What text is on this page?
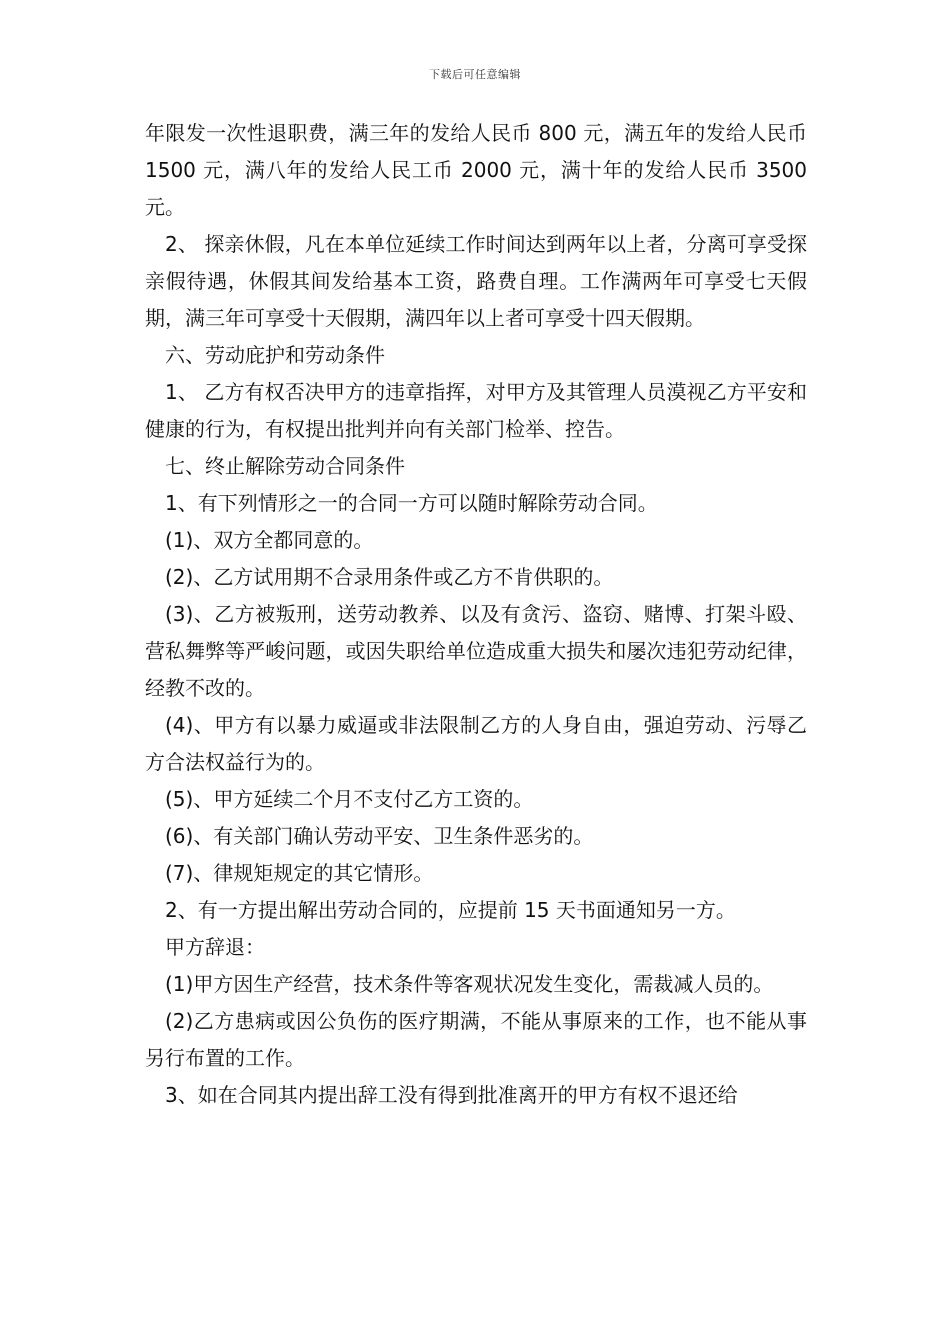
下载后可任意编辑

年限发一次性退职费，满三年的发给人民币 800 元，满五年的发给人民币 1500 元，满八年的发给人民工币 2000 元，满十年的发给人民币 3500 元。

2、 探亲休假，凡在本单位延续工作时间达到两年以上者，分离可享受探亲假待遇，休假其间发给基本工资，路费自理。工作满两年可享受七天假期，满三年可享受十天假期，满四年以上者可享受十四天假期。

六、劳动庇护和劳动条件

1、 乙方有权否决甲方的违章指挥，对甲方及其管理人员漠视乙方平安和健康的行为，有权提出批判并向有关部门检举、控告。

七、终止解除劳动合同条件

1、有下列情形之一的合同一方可以随时解除劳动合同。

(1)、双方全都同意的。

(2)、乙方试用期不合录用条件或乙方不肯供职的。

(3)、乙方被叛刑，送劳动教养、以及有贪污、盗窃、赌博、打架斗殴、营私舞弊等严峻问题，或因失职给单位造成重大损失和屡次违犯劳动纪律，经教不改的。

(4)、甲方有以暴力威逼或非法限制乙方的人身自由，强迫劳动、污辱乙方合法权益行为的。

(5)、甲方延续二个月不支付乙方工资的。

(6)、有关部门确认劳动平安、卫生条件恶劣的。

(7)、律规矩规定的其它情形。

2、有一方提出解出劳动合同的，应提前 15 天书面通知另一方。

甲方辞退：

(1)甲方因生产经营，技术条件等客观状况发生变化，需裁减人员的。

(2)乙方患病或因公负伤的医疗期满，不能从事原来的工作，也不能从事另行布置的工作。

3、如在合同其内提出辞工没有得到批准离开的甲方有权不退还给
